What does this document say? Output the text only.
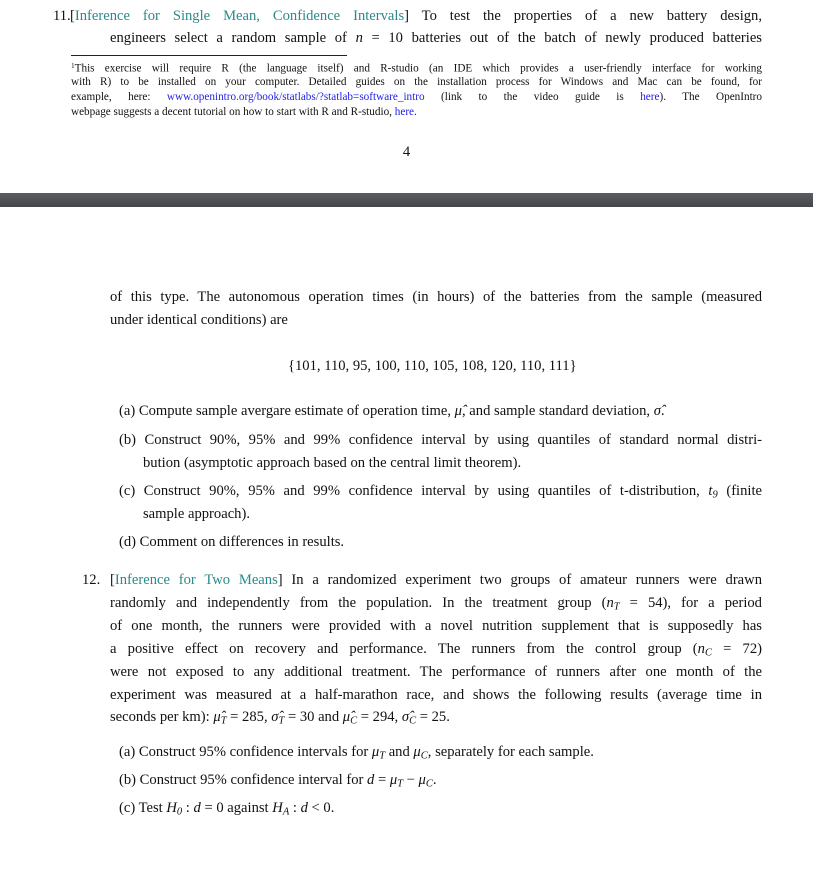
11.
4
[Inference for Single Mean, Confidence Intervals] To test the properties of a new battery design,
engineers select a random sample of n = 10 batteries out of the batch of newly produced batteries
$^1$This exercise will require R (the language itself) and R-studio (an IDE which provides a user-friendly interface for working
with R) to be installed on your computer. Detailed guides on the installation process for Windows and Mac can be found, for
example, here: www.openintro.org/book/statlabs/?statlab=software_intro (link to the video guide is here). The OpenIntro
webpage suggests a decent tutorial on how to start with R and R-studio, here.
12.
of this type. The autonomous operation times (in hours) of the batteries from the sample (measured
under identical conditions) are
{101, 110, 95, 100, 110, 105, 108, 120, 110, 111}
(a) Compute sample avergare estimate of operation time, μ̂, and sample standard deviation, σ̂.
(b) Construct 90%, 95% and 99% confidence interval by using quantiles of standard normal distri-
bution (asymptotic approach based on the central limit theorem).
(c) Construct 90%, 95% and 99% confidence interval by using quantiles of t-distribution, t9 (finite
sample approach).
(d) Comment on differences in results.
[Inference for Two Means] In a randomized experiment two groups of amateur runners were drawn
randomly and independently from the population. In the treatment group (nT = 54), for a period
of one month, the runners were provided with a novel nutrition supplement that is supposedly has
a positive effect on recovery and performance. The runners from the control group (nC = 72)
were not exposed to any additional treatment. The performance of runners after one month of the
experiment was measured at a half-marathon race, and shows the following results (average time in
seconds per km): μ̂T = 285, σ̂T = 30 and μ̂C = 294, σ̂C = 25.
(a) Construct 95% confidence intervals for μT and μC, separately for each sample.
(b) Construct 95% confidence interval for d = μT − μC.
(c) Test H0 : d = 0 against HA : d < 0.
